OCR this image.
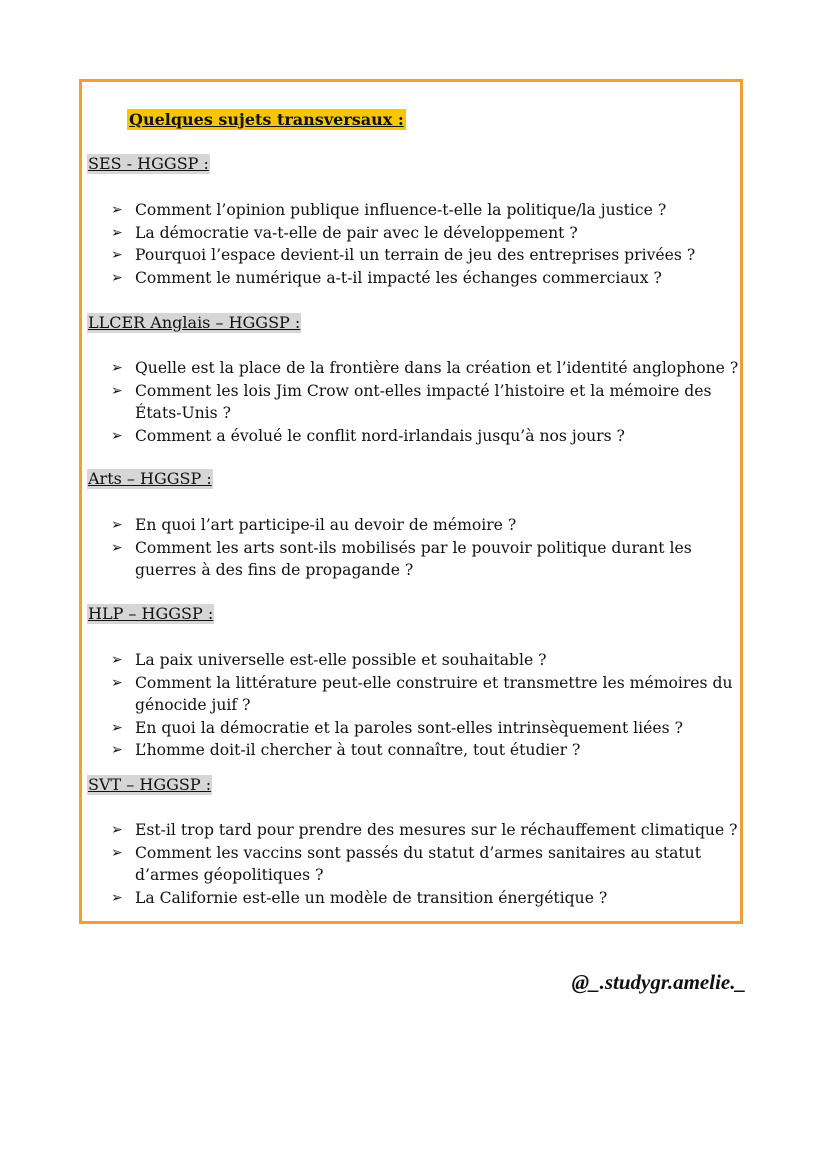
Quelques sujets transversaux :
SES - HGGSP :
➢ Comment l’opinion publique influence-t-elle la politique/la justice ?
➢ La démocratie va-t-elle de pair avec le développement ?
➢ Pourquoi l’espace devient-il un terrain de jeu des entreprises privées ?
➢ Comment le numérique a-t-il impacté les échanges commerciaux ?
LLCER Anglais – HGGSP :
➢ Quelle est la place de la frontière dans la création et l’identité anglophone ?
➢ Comment les lois Jim Crow ont-elles impacté l’histoire et la mémoire des États-Unis ?
➢ Comment a évolué le conflit nord-irlandais jusqu’à nos jours ?
Arts – HGGSP :
➢ En quoi l’art participe-il au devoir de mémoire ?
➢ Comment les arts sont-ils mobilisés par le pouvoir politique durant les guerres à des fins de propagande ?
HLP – HGGSP :
➢ La paix universelle est-elle possible et souhaitable ?
➢ Comment la littérature peut-elle construire et transmettre les mémoires du génocide juif ?
➢ En quoi la démocratie et la paroles sont-elles intrinsèquement liées ?
➢ L’homme doit-il chercher à tout connaître, tout étudier ?
SVT – HGGSP :
➢ Est-il trop tard pour prendre des mesures sur le réchauffement climatique ?
➢ Comment les vaccins sont passés du statut d’armes sanitaires au statut d’armes géopolitiques ?
➢ La Californie est-elle un modèle de transition énergétique ?
@_.studygr.amelie._
